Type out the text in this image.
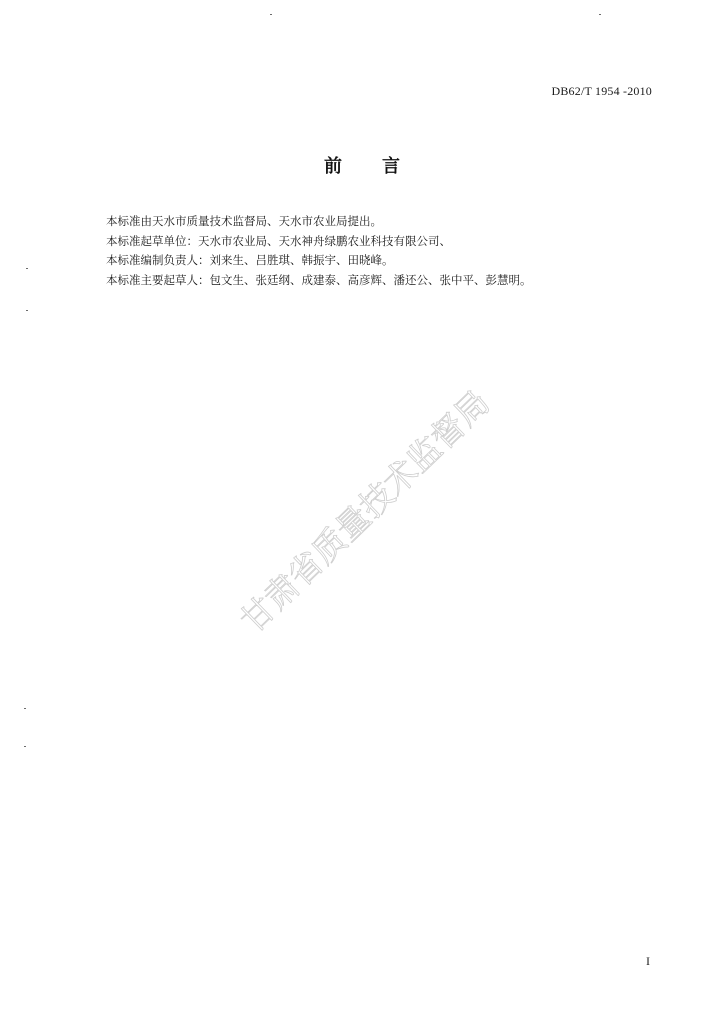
DB62/T 1954 -2010
前 言

本标准由天水市质量技术监督局、天水市农业局提出。

本标准起草单位：天水市农业局、天水神舟绿鹏农业科技有限公司、

本标准编制负责人：刘来生、吕胜琪、韩振宇、田晓峰。

本标准主要起草人：包文生、张廷纲、成建泰、高彦辉、潘还公、张中平、彭慧明。

甘肃省质量技术监督局
I
